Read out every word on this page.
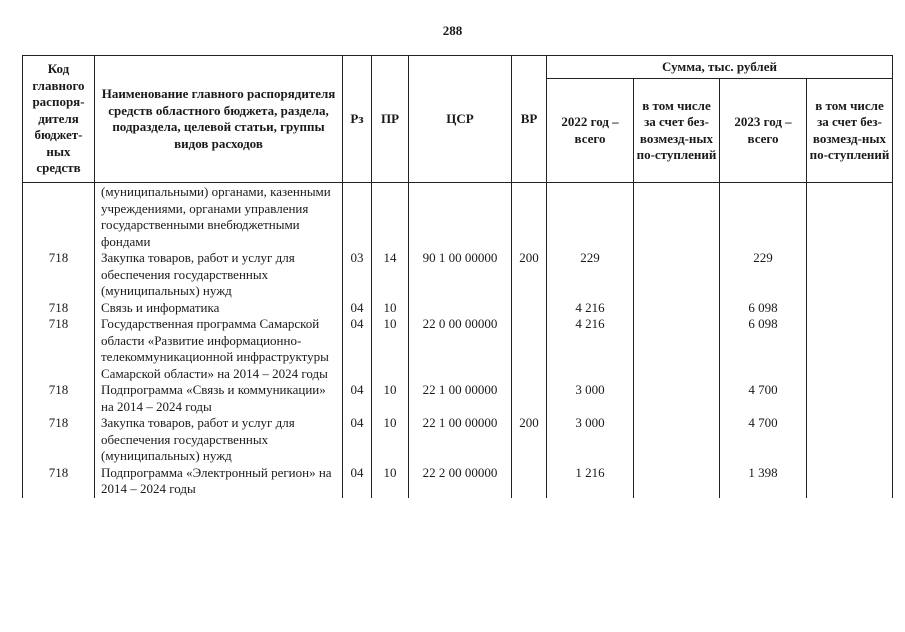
288
Код главного распоря-дителя бюджет-ных средств	Наименование главного распорядителя средств областного бюджета, раздела, подраздела, целевой статьи, группы видов расходов	Рз	ПР	ЦСР	ВР	Сумма, тыс. рублей			
						2022 год – всего	в том числе за счет без-возмезд-ных по-ступлений	2023 год – всего	в том числе за счет без-возмезд-ных по-ступлений
	(муниципальными) органами, казенными учреждениями, органами управления государственными внебюджетными фондами								
718	Закупка товаров, работ и услуг для обеспечения государственных (муниципальных) нужд	03	14	90 1 00 00000	200	229		229	
718	Связь и информатика	04	10			4 216		6 098	
718	Государственная программа Самарской области «Развитие информационно-телекоммуникационной инфраструктуры Самарской области» на 2014 – 2024 годы	04	10	22 0 00 00000		4 216		6 098	
718	Подпрограмма «Связь и коммуникации» на 2014 – 2024 годы	04	10	22 1 00 00000		3 000		4 700	
718	Закупка товаров, работ и услуг для обеспечения государственных (муниципальных) нужд	04	10	22 1 00 00000	200	3 000		4 700	
718	Подпрограмма «Электронный регион» на 2014 – 2024 годы	04	10	22 2 00 00000		1 216		1 398	
